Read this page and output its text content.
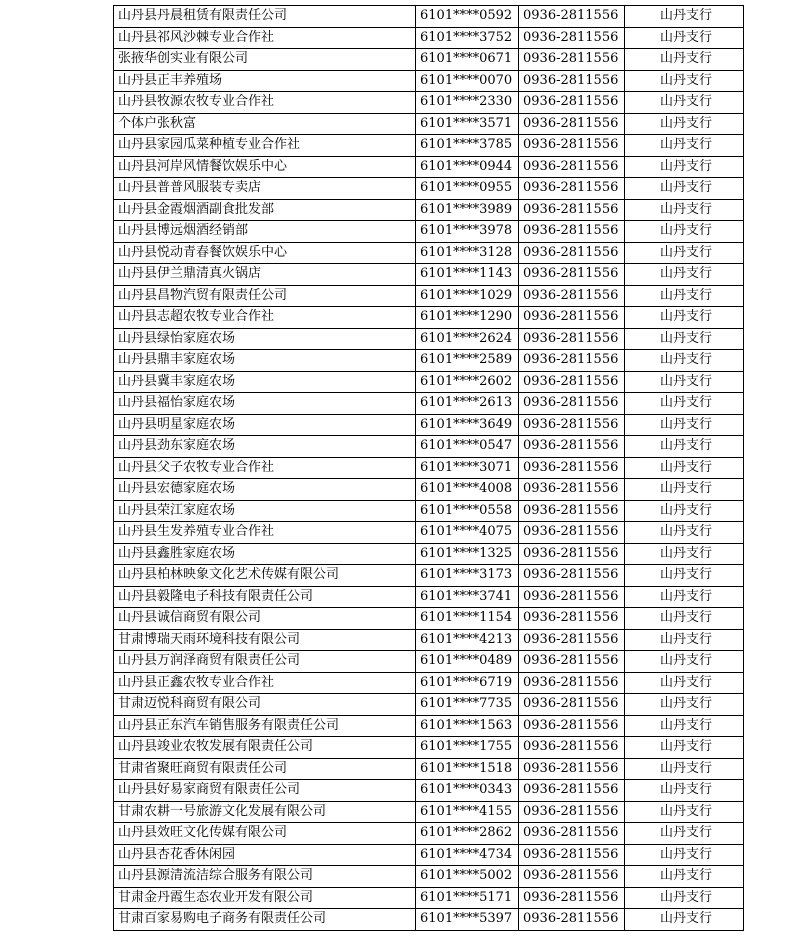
山丹县丹晨租赁有限责任公司	6101****0592	0936-2811556	山丹支行
山丹县祁风沙棘专业合作社	6101****3752	0936-2811556	山丹支行
张掖华创实业有限公司	6101****0671	0936-2811556	山丹支行
山丹县正丰养殖场	6101****0070	0936-2811556	山丹支行
山丹县牧源农牧专业合作社	6101****2330	0936-2811556	山丹支行
个体户张秋富	6101****3571	0936-2811556	山丹支行
山丹县家园瓜菜种植专业合作社	6101****3785	0936-2811556	山丹支行
山丹县河岸风情餐饮娱乐中心	6101****0944	0936-2811556	山丹支行
山丹县普普风服装专卖店	6101****0955	0936-2811556	山丹支行
山丹县金霞烟酒副食批发部	6101****3989	0936-2811556	山丹支行
山丹县博远烟酒经销部	6101****3978	0936-2811556	山丹支行
山丹县悦动青春餐饮娱乐中心	6101****3128	0936-2811556	山丹支行
山丹县伊兰鼎清真火锅店	6101****1143	0936-2811556	山丹支行
山丹县昌物汽贸有限责任公司	6101****1029	0936-2811556	山丹支行
山丹县志超农牧专业合作社	6101****1290	0936-2811556	山丹支行
山丹县绿怡家庭农场	6101****2624	0936-2811556	山丹支行
山丹县鼎丰家庭农场	6101****2589	0936-2811556	山丹支行
山丹县冀丰家庭农场	6101****2602	0936-2811556	山丹支行
山丹县福怡家庭农场	6101****2613	0936-2811556	山丹支行
山丹县明星家庭农场	6101****3649	0936-2811556	山丹支行
山丹县劲东家庭农场	6101****0547	0936-2811556	山丹支行
山丹县父子农牧专业合作社	6101****3071	0936-2811556	山丹支行
山丹县宏德家庭农场	6101****4008	0936-2811556	山丹支行
山丹县荣江家庭农场	6101****0558	0936-2811556	山丹支行
山丹县生发养殖专业合作社	6101****4075	0936-2811556	山丹支行
山丹县鑫胜家庭农场	6101****1325	0936-2811556	山丹支行
山丹县柏林映象文化艺术传媒有限公司	6101****3173	0936-2811556	山丹支行
山丹县毅隆电子科技有限责任公司	6101****3741	0936-2811556	山丹支行
山丹县诚信商贸有限公司	6101****1154	0936-2811556	山丹支行
甘肃博瑞天雨环境科技有限公司	6101****4213	0936-2811556	山丹支行
山丹县万润泽商贸有限责任公司	6101****0489	0936-2811556	山丹支行
山丹县正鑫农牧专业合作社	6101****6719	0936-2811556	山丹支行
甘肃迈悦科商贸有限公司	6101****7735	0936-2811556	山丹支行
山丹县正东汽车销售服务有限责任公司	6101****1563	0936-2811556	山丹支行
山丹县竣业农牧发展有限责任公司	6101****1755	0936-2811556	山丹支行
甘肃省聚旺商贸有限责任公司	6101****1518	0936-2811556	山丹支行
山丹县好易家商贸有限责任公司	6101****0343	0936-2811556	山丹支行
甘肃农耕一号旅游文化发展有限公司	6101****4155	0936-2811556	山丹支行
山丹县效旺文化传媒有限公司	6101****2862	0936-2811556	山丹支行
山丹县杏花香休闲园	6101****4734	0936-2811556	山丹支行
山丹县源清流洁综合服务有限公司	6101****5002	0936-2811556	山丹支行
甘肃金丹霞生态农业开发有限公司	6101****5171	0936-2811556	山丹支行
甘肃百家易购电子商务有限责任公司	6101****5397	0936-2811556	山丹支行
